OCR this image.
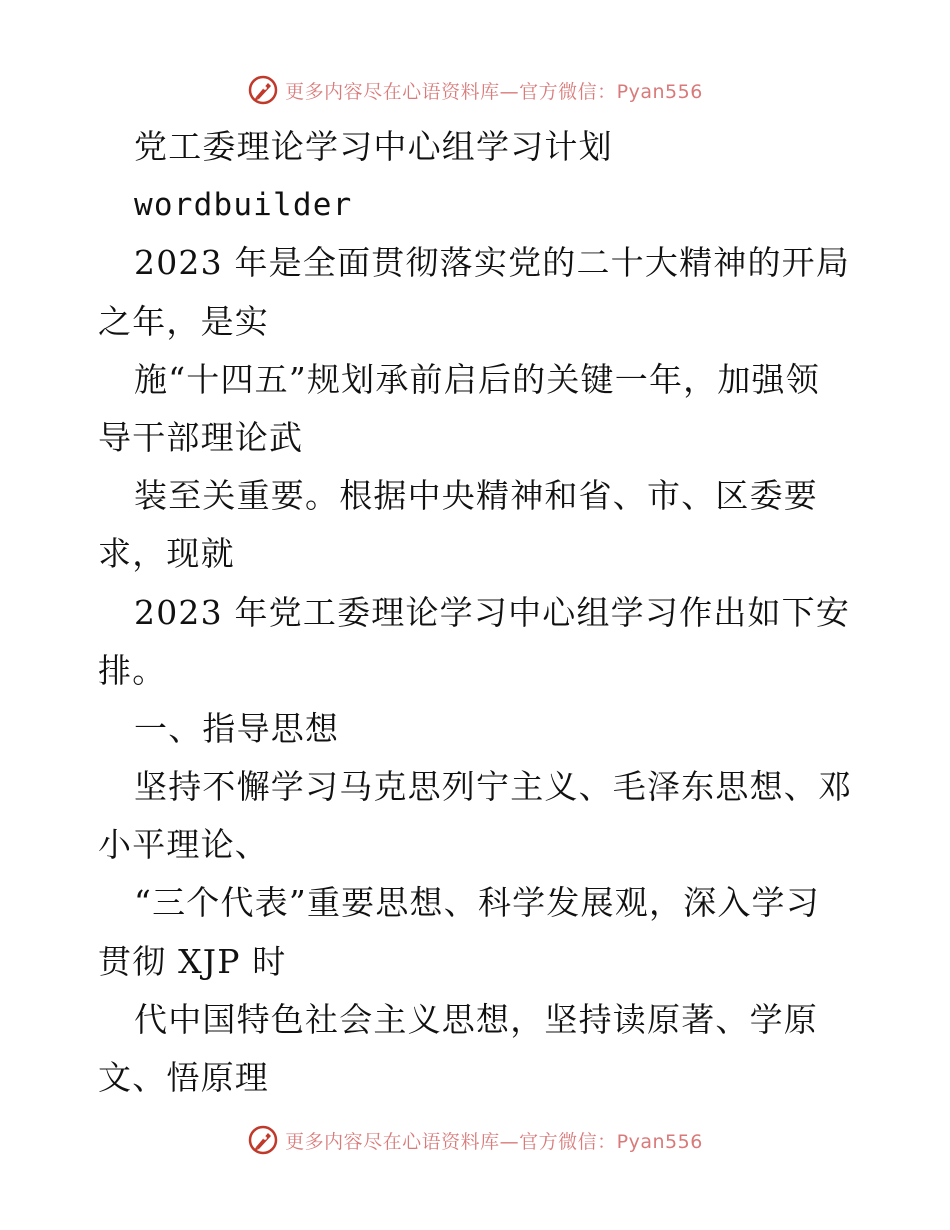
更多内容尽在心语资料库—官方微信：Pyan556
党工委理论学习中心组学习计划
wordbuilder
2023 年是全面贯彻落实党的二十大精神的开局
之年，是实
施“十四五”规划承前启后的关键一年，加强领
导干部理论武
装至关重要。根据中央精神和省、市、区委要
求，现就
2023 年党工委理论学习中心组学习作出如下安
排。
一、指导思想
坚持不懈学习马克思列宁主义、毛泽东思想、邓
小平理论、
“三个代表”重要思想、科学发展观，深入学习
贯彻 XJP 时
代中国特色社会主义思想，坚持读原著、学原
文、悟原理
更多内容尽在心语资料库—官方微信：Pyan556
